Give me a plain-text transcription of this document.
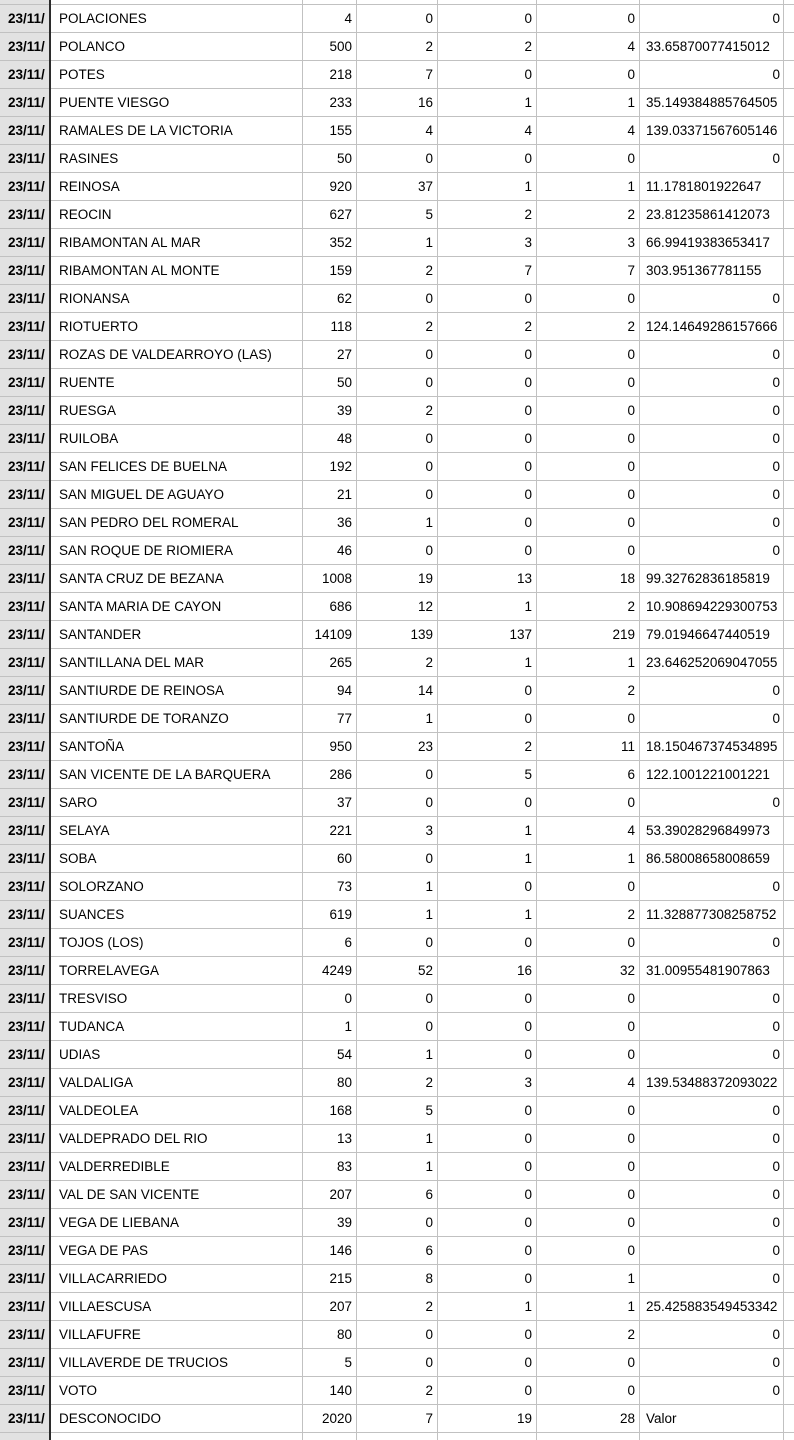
23/11/	POLACIONES	4	0	0	0	0
23/11/	POLANCO	500	2	2	4 33.65870077415012
23/11/	POTES	218	7	0	0	0
23/11/	PUENTE VIESGO	233	16	1	1 35.149384885764505
23/11/	RAMALES DE LA VICTORIA	155	4	4	4 139.03371567605146
23/11/	RASINES	50	0	0	0	0
23/11/	REINOSA	920	37	1	1 11.1781801922647
23/11/	REOCIN	627	5	2	2 23.81235861412073
23/11/	RIBAMONTAN AL MAR	352	1	3	3 66.99419383653417
23/11/	RIBAMONTAN AL MONTE	159	2	7	7 303.951367781155
23/11/	RIONANSA	62	0	0	0	0
23/11/	RIOTUERTO	118	2	2	2 124.14649286157666
23/11/	ROZAS DE VALDEARROYO (LAS)	27	0	0	0	0
23/11/	RUENTE	50	0	0	0	0
23/11/	RUESGA	39	2	0	0	0
23/11/	RUILOBA	48	0	0	0	0
23/11/	SAN FELICES DE BUELNA	192	0	0	0	0
23/11/	SAN MIGUEL DE AGUAYO	21	0	0	0	0
23/11/	SAN PEDRO DEL ROMERAL	36	1	0	0	0
23/11/	SAN ROQUE DE RIOMIERA	46	0	0	0	0
23/11/	SANTA CRUZ DE BEZANA	1008	19	13	18 99.32762836185819
23/11/	SANTA MARIA DE CAYON	686	12	1	2 10.908694229300753
23/11/	SANTANDER	14109	139	137	219 79.01946647440519
23/11/	SANTILLANA DEL MAR	265	2	1	1 23.646252069047055
23/11/	SANTIURDE DE REINOSA	94	14	0	2	0
23/11/	SANTIURDE DE TORANZO	77	1	0	0	0
23/11/	SANTOÑA	950	23	2	11 18.150467374534895
23/11/	SAN VICENTE DE LA BARQUERA	286	0	5	6 122.1001221001221
23/11/	SARO	37	0	0	0	0
23/11/	SELAYA	221	3	1	4 53.39028296849973
23/11/	SOBA	60	0	1	1 86.58008658008659
23/11/	SOLORZANO	73	1	0	0	0
23/11/	SUANCES	619	1	1	2 11.328877308258752
23/11/	TOJOS (LOS)	6	0	0	0	0
23/11/	TORRELAVEGA	4249	52	16	32 31.00955481907863
23/11/	TRESVISO	0	0	0	0	0
23/11/	TUDANCA	1	0	0	0	0
23/11/	UDIAS	54	1	0	0	0
23/11/	VALDALIGA	80	2	3	4 139.53488372093022
23/11/	VALDEOLEA	168	5	0	0	0
23/11/	VALDEPRADO DEL RIO	13	1	0	0	0
23/11/	VALDERREDIBLE	83	1	0	0	0
23/11/	VAL DE SAN VICENTE	207	6	0	0	0
23/11/	VEGA DE LIEBANA	39	0	0	0	0
23/11/	VEGA DE PAS	146	6	0	0	0
23/11/	VILLACARRIEDO	215	8	0	1	0
23/11/	VILLAESCUSA	207	2	1	1 25.425883549453342
23/11/	VILLAFUFRE	80	0	0	2	0
23/11/	VILLAVERDE DE TRUCIOS	5	0	0	0	0
23/11/	VOTO	140	2	0	0	0
23/11/	DESCONOCIDO	2020	7	19	28 Valor
